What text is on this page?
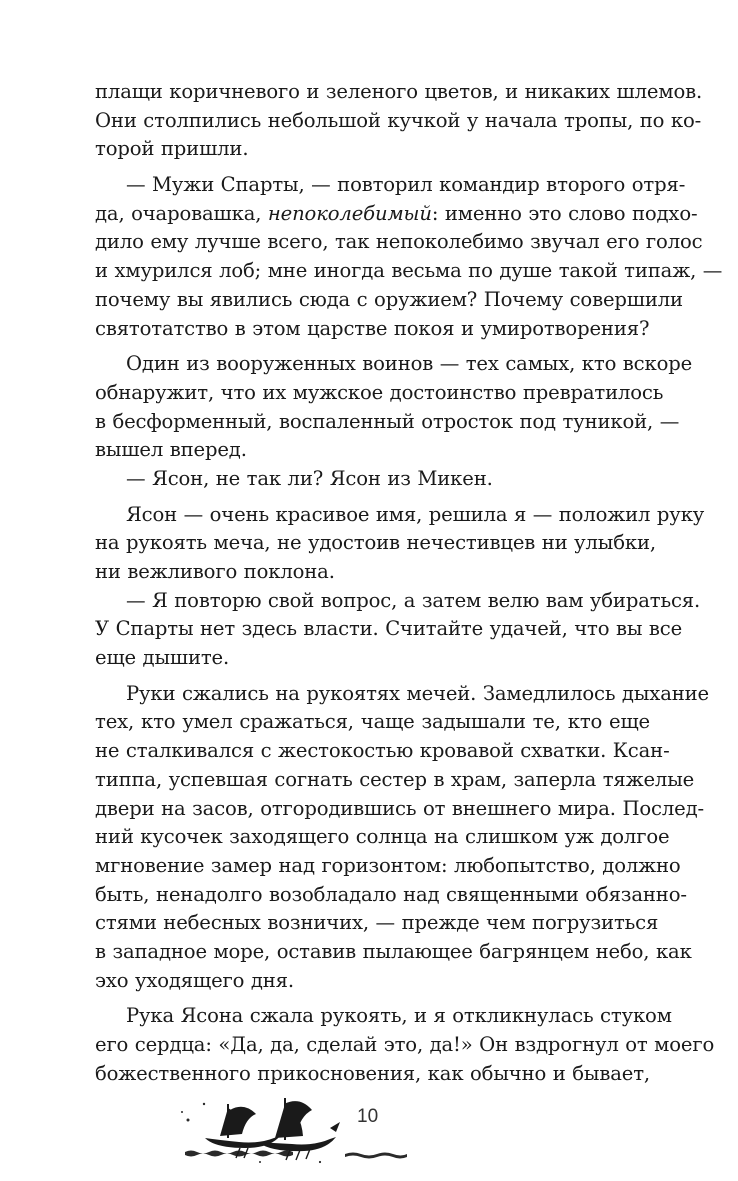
плащи коричневого и зеленого цветов, и никаких шлемов.
Они столпились небольшой кучкой у начала тропы, по ко-
торой пришли.
— Мужи Спарты, — повторил командир второго отря-
да, очаровашка, непоколебимый: именно это слово подхо-
дило ему лучше всего, так непоколебимо звучал его голос
и хмурился лоб; мне иногда весьма по душе такой типаж, —
почему вы явились сюда с оружием? Почему совершили
святотатство в этом царстве покоя и умиротворения?
Один из вооруженных воинов — тех самых, кто вскоре
обнаружит, что их мужское достоинство превратилось
в бесформенный, воспаленный отросток под туникой, —
вышел вперед.
— Ясон, не так ли? Ясон из Микен.
Ясон — очень красивое имя, решила я — положил руку
на рукоять меча, не удостоив нечестивцев ни улыбки,
ни вежливого поклона.
— Я повторю свой вопрос, а затем велю вам убираться.
У Спарты нет здесь власти. Считайте удачей, что вы все
еще дышите.
Руки сжались на рукоятях мечей. Замедлилось дыхание
тех, кто умел сражаться, чаще задышали те, кто еще
не сталкивался с жестокостью кровавой схватки. Ксан-
типпа, успевшая согнать сестер в храм, заперла тяжелые
двери на засов, отгородившись от внешнего мира. Послед-
ний кусочек заходящего солнца на слишком уж долгое
мгновение замер над горизонтом: любопытство, должно
быть, ненадолго возобладало над священными обязанно-
стями небесных возничих, — прежде чем погрузиться
в западное море, оставив пылающее багрянцем небо, как
эхо уходящего дня.
Рука Ясона сжала рукоять, и я откликнулась стуком
его сердца: «Да, да, сделай это, да!» Он вздрогнул от моего
божественного прикосновения, как обычно и бывает,
10
